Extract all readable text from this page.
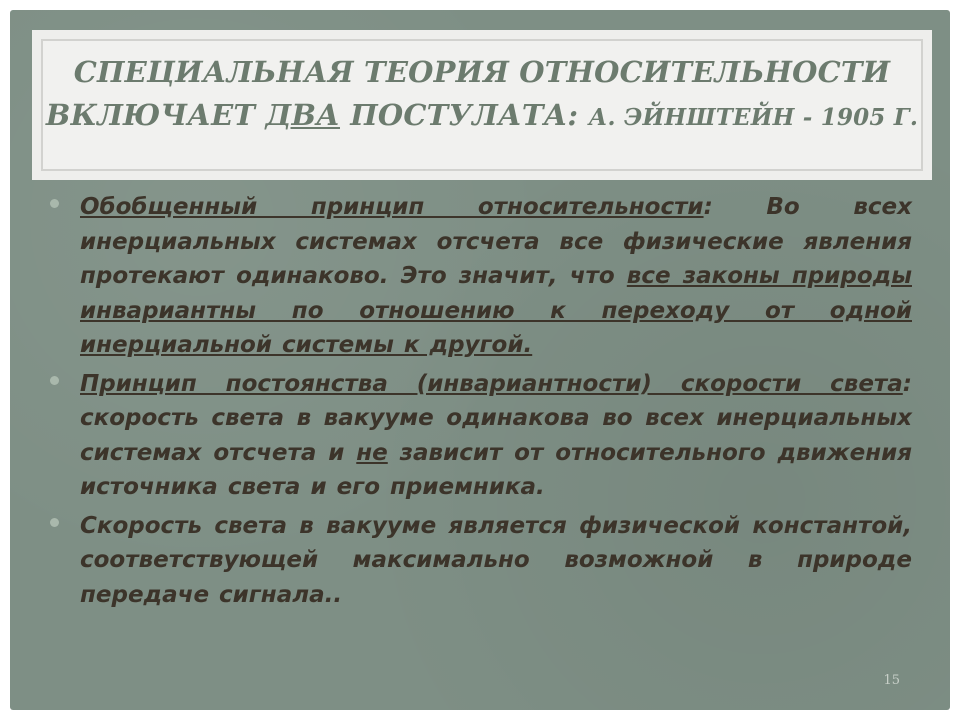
СПЕЦИАЛЬНАЯ ТЕОРИЯ ОТНОСИТЕЛЬНОСТИ
ВКЛЮЧАЕТ ДВА ПОСТУЛАТА: А. ЭЙНШТЕЙН - 1905 Г.
Обобщенный принцип относительности: Во всех инерциальных системах отсчета все физические явления протекают одинаково. Это значит, что все законы природы инвариантны по отношению к переходу от одной инерциальной системы к другой.
Принцип постоянства (инвариантности) скорости света: скорость света в вакууме одинакова во всех инерциальных системах отсчета и не зависит от относительного движения источника света и его приемника.
Скорость света в вакууме является физической константой, соответствующей максимально возможной в природе передаче сигнала..
15
